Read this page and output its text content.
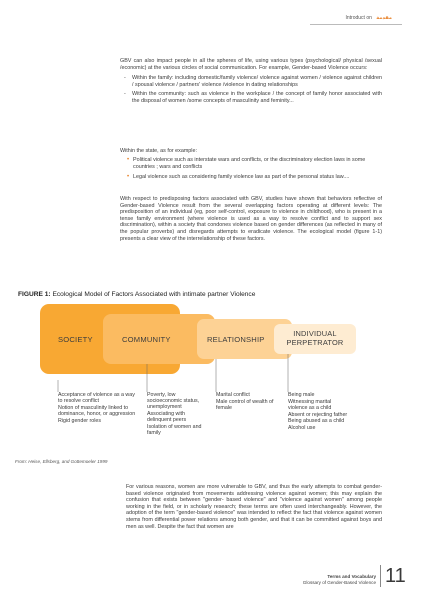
Introduct on مقدمة

GBV can also impact people in all the spheres of life, using various types (psychological/ physical /sexual /economic) at the various circles of social communication. For example, Gender-based Violence occurs:

- Within the family: including domestic/family violence/ violence against women / violence against children / spousal violence / partners' violence /violence in dating relationships
- Within the community: such as violence in the workplace / the concept of family honor associated with the disposal of women /some concepts of masculinity and feminity...

Within the state, as for example:

• Political violence such as interstate wars and conflicts, or the discriminatory election laws in some countries ; wars and conflicts
• Legal violence such as considering family violence law as part of the personal status law....

With respect to predisposing factors associated with GBV, studies have shown that behaviors reflective of Gender-based Violence result from the several overlapping factors operating at different levels: The predisposition of an individual (eg, poor self-control, exposure to violence in childhood), who is present in a tense family environment (where violence is used as a way to resolve conflict and to support sex discrimination), within a society that condones violence based on gender differences (as reflected in many of the popular proverbs) and disregards attempts to eradicate violence. The ecological model (figure 1-1) presents a clear view of the interrelationship of these factors.

FIGURE 1: Ecological Model of Factors Associated with intimate partner Violence
SOCIETY	COMMUNITY	RELATIONSHIP
INDIVIDUAL PERPETRATOR
Acceptance of violence as a way to resolve conflict
Notion of masculinity linked to dominance, honor, or aggression
Rigid gender roles
Poverty, low socioeconomic status, unemployment
Associating with delinquent peers
Isolation of women and family
Marital conflict
Male control of wealth of female
Being male
Witnessing marital violence as a child
Absent or rejecting father
Being abused as a child
Alcohol use
From: Heise, Ellsberg, and Gottemoeler 1999

For various reasons, women are more vulnerable to GBV, and thus the early attempts to combat gender-based violence originated from movements addressing violence against women; this may explain the confusion that exists between "gender- based violence" and "violence against women" among people working in the field, or in scholarly research; these terms are often used interchangeably. However, the adoption of the term "gender-based violence" was intended to reflect the fact that violence against women stems from differential power relations among both gender, and that it can be committed against boys and men as well. Despite the fact that women are

Terms and Vocabulary
Glossary of Gender-Based Violence 11
